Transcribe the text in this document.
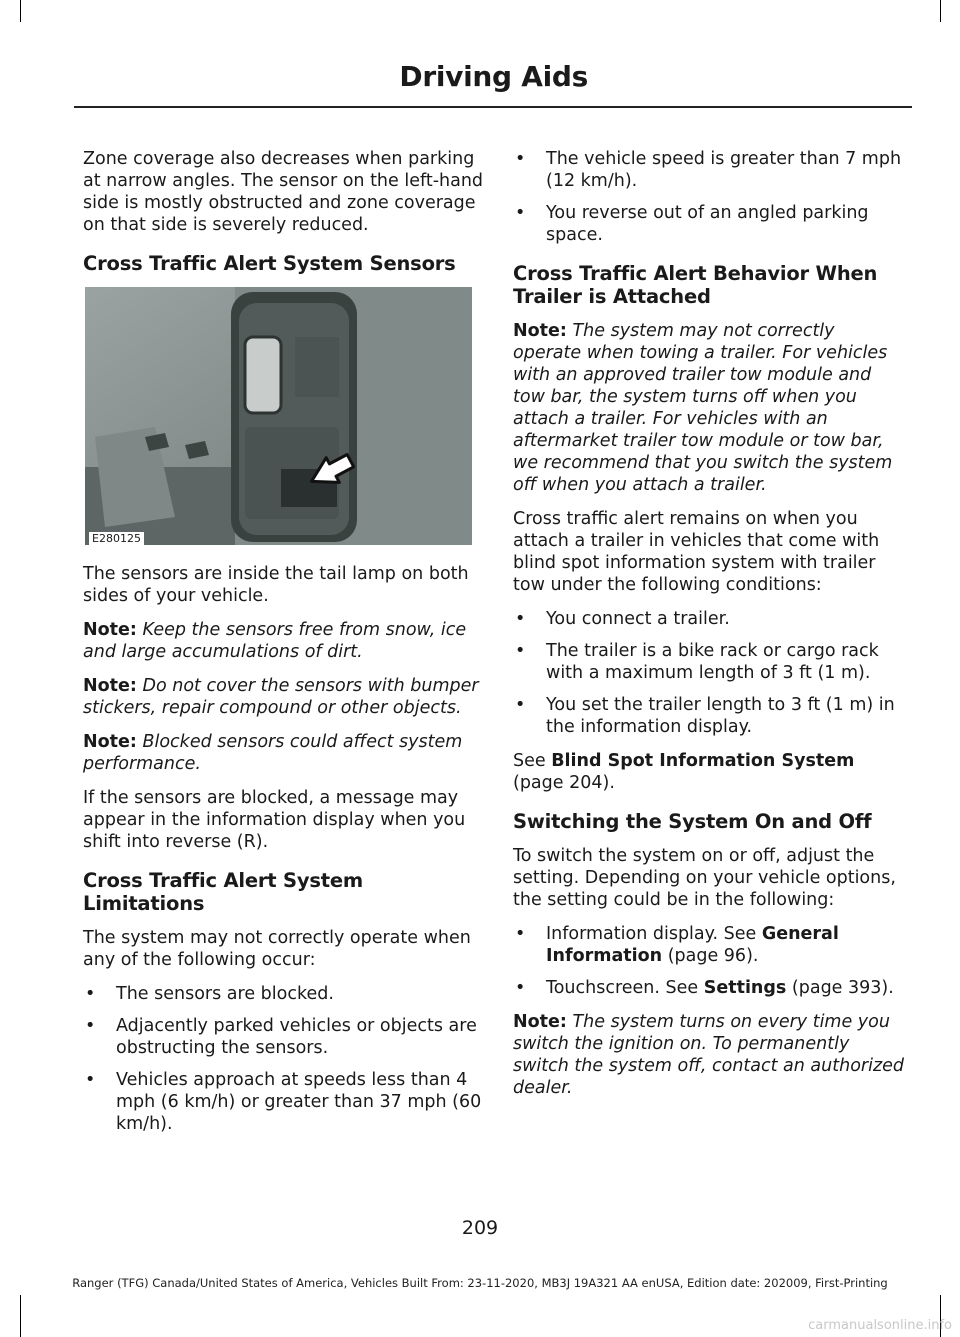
Driving Aids

Zone coverage also decreases when parking at narrow angles. The sensor on the left-hand side is mostly obstructed and zone coverage on that side is severely reduced.

Cross Traffic Alert System Sensors
E280125

The sensors are inside the tail lamp on both sides of your vehicle.

Note: Keep the sensors free from snow, ice and large accumulations of dirt.

Note: Do not cover the sensors with bumper stickers, repair compound or other objects.

Note: Blocked sensors could affect system performance.

If the sensors are blocked, a message may appear in the information display when you shift into reverse (R).

Cross Traffic Alert System Limitations

The system may not correctly operate when any of the following occur:

• The sensors are blocked.
• Adjacently parked vehicles or objects are obstructing the sensors.
• Vehicles approach at speeds less than 4 mph (6 km/h) or greater than 37 mph (60 km/h).
• The vehicle speed is greater than 7 mph (12 km/h).
• You reverse out of an angled parking space.
Cross Traffic Alert Behavior When Trailer is Attached

Note: The system may not correctly operate when towing a trailer. For vehicles with an approved trailer tow module and tow bar, the system turns off when you attach a trailer. For vehicles with an aftermarket trailer tow module or tow bar, we recommend that you switch the system off when you attach a trailer.

Cross traffic alert remains on when you attach a trailer in vehicles that come with blind spot information system with trailer tow under the following conditions:

• You connect a trailer.
• The trailer is a bike rack or cargo rack with a maximum length of 3 ft (1 m).
• You set the trailer length to 3 ft (1 m) in the information display.

See Blind Spot Information System (page 204).

Switching the System On and Off

To switch the system on or off, adjust the setting. Depending on your vehicle options, the setting could be in the following:

• Information display. See General Information (page 96).
• Touchscreen. See Settings (page 393).

Note: The system turns on every time you switch the ignition on. To permanently switch the system off, contact an authorized dealer.

209
Ranger (TFG) Canada/United States of America, Vehicles Built From: 23-11-2020, MB3J 19A321 AA enUSA, Edition date: 202009, First-Printing
carmanualsonline.info
